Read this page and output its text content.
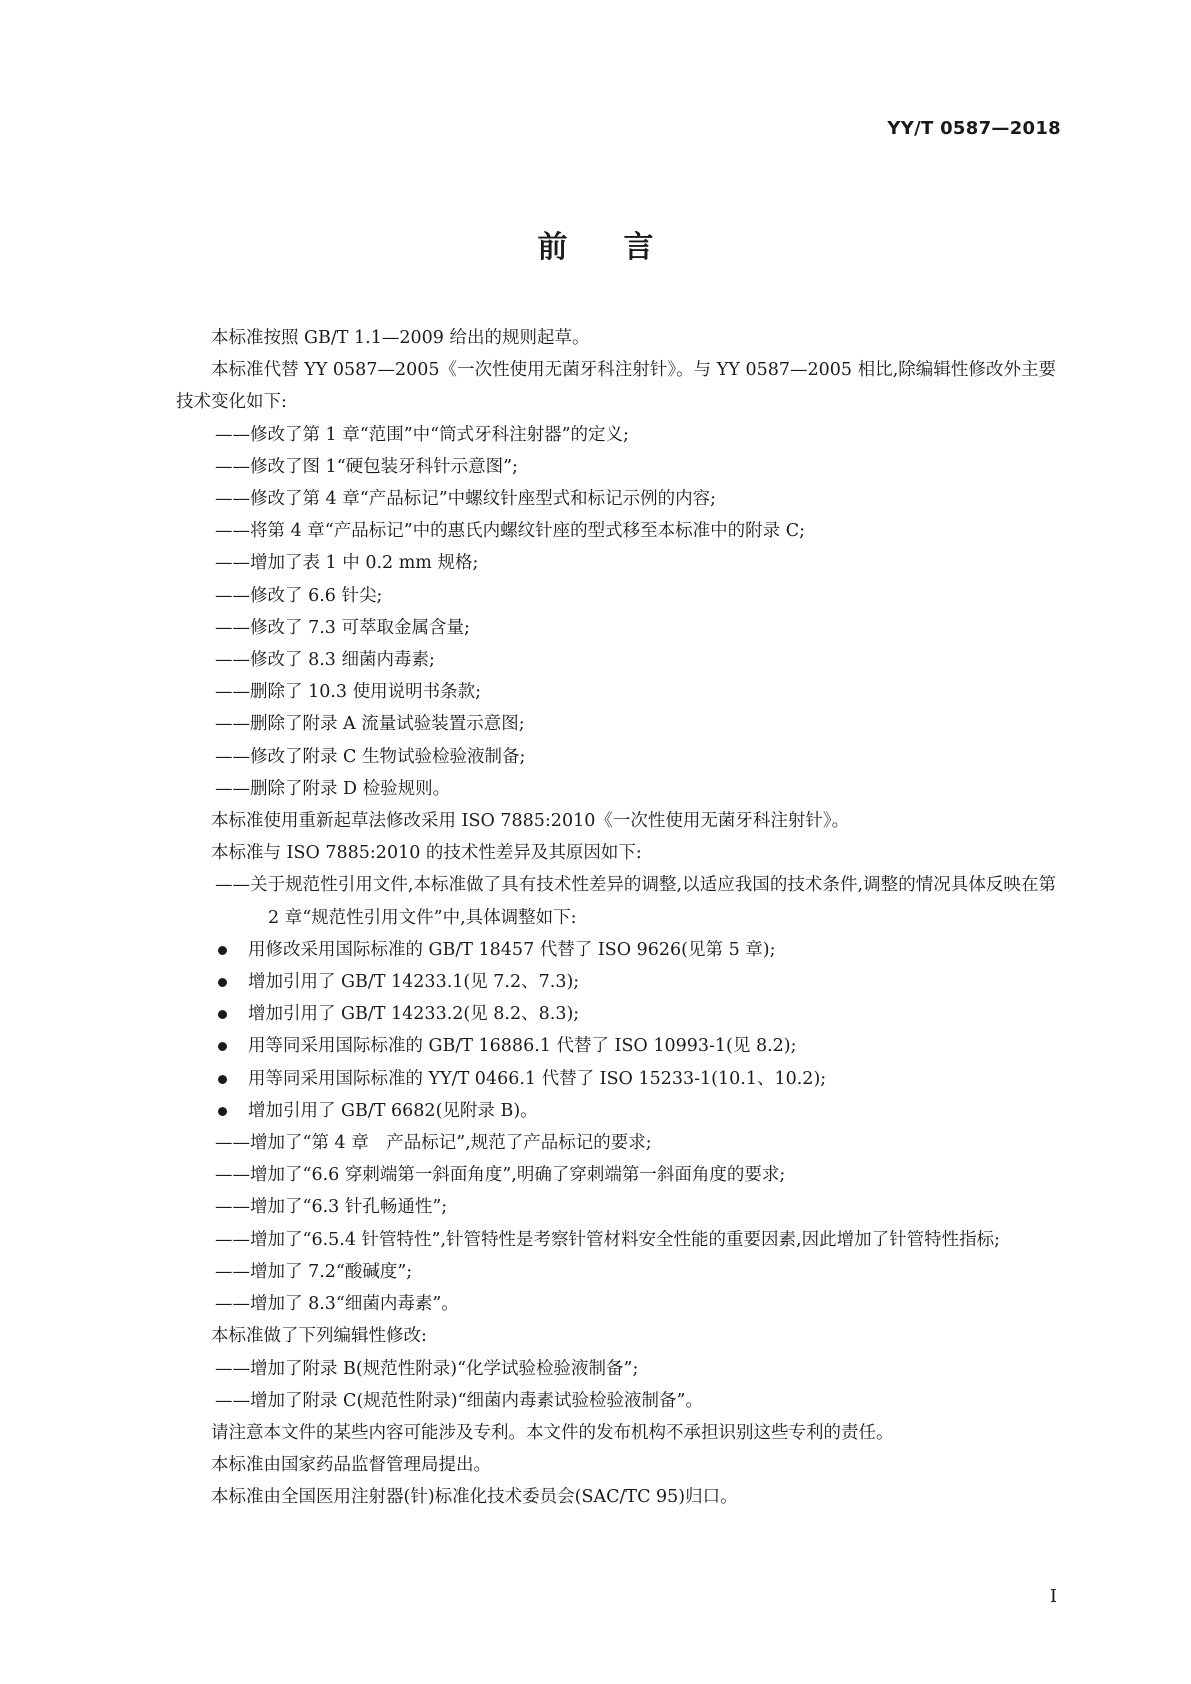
YY/T 0587—2018
前言

本标准按照 GB/T 1.1—2009 给出的规则起草。

本标准代替 YY 0587—2005《一次性使用无菌牙科注射针》。与 YY 0587—2005 相比,除编辑性修改外主要技术变化如下:

——修改了第 1 章“范围”中“筒式牙科注射器”的定义;

——修改了图 1“硬包装牙科针示意图”;

——修改了第 4 章“产品标记”中螺纹针座型式和标记示例的内容;

——将第 4 章“产品标记”中的惠氏内螺纹针座的型式移至本标准中的附录 C;

——增加了表 1 中 0.2 mm 规格;

——修改了 6.6 针尖;

——修改了 7.3 可萃取金属含量;

——修改了 8.3 细菌内毒素;

——删除了 10.3 使用说明书条款;

——删除了附录 A 流量试验装置示意图;

——修改了附录 C 生物试验检验液制备;

——删除了附录 D 检验规则。

本标准使用重新起草法修改采用 ISO 7885:2010《一次性使用无菌牙科注射针》。

本标准与 ISO 7885:2010 的技术性差异及其原因如下:

——关于规范性引用文件,本标准做了具有技术性差异的调整,以适应我国的技术条件,调整的情况具体反映在第 2 章“规范性引用文件”中,具体调整如下:

用修改采用国际标准的 GB/T 18457 代替了 ISO 9626(见第 5 章);

增加引用了 GB/T 14233.1(见 7.2、7.3);

增加引用了 GB/T 14233.2(见 8.2、8.3);

用等同采用国际标准的 GB/T 16886.1 代替了 ISO 10993-1(见 8.2);

用等同采用国际标准的 YY/T 0466.1 代替了 ISO 15233-1(10.1、10.2);

增加引用了 GB/T 6682(见附录 B)。

——增加了“第 4 章　产品标记”,规范了产品标记的要求;

——增加了“6.6 穿刺端第一斜面角度”,明确了穿刺端第一斜面角度的要求;

——增加了“6.3 针孔畅通性”;

——增加了“6.5.4 针管特性”,针管特性是考察针管材料安全性能的重要因素,因此增加了针管特性指标;

——增加了 7.2“酸碱度”;

——增加了 8.3“细菌内毒素”。

本标准做了下列编辑性修改:

——增加了附录 B(规范性附录)“化学试验检验液制备”;

——增加了附录 C(规范性附录)“细菌内毒素试验检验液制备”。

请注意本文件的某些内容可能涉及专利。本文件的发布机构不承担识别这些专利的责任。

本标准由国家药品监督管理局提出。

本标准由全国医用注射器(针)标准化技术委员会(SAC/TC 95)归口。

I
